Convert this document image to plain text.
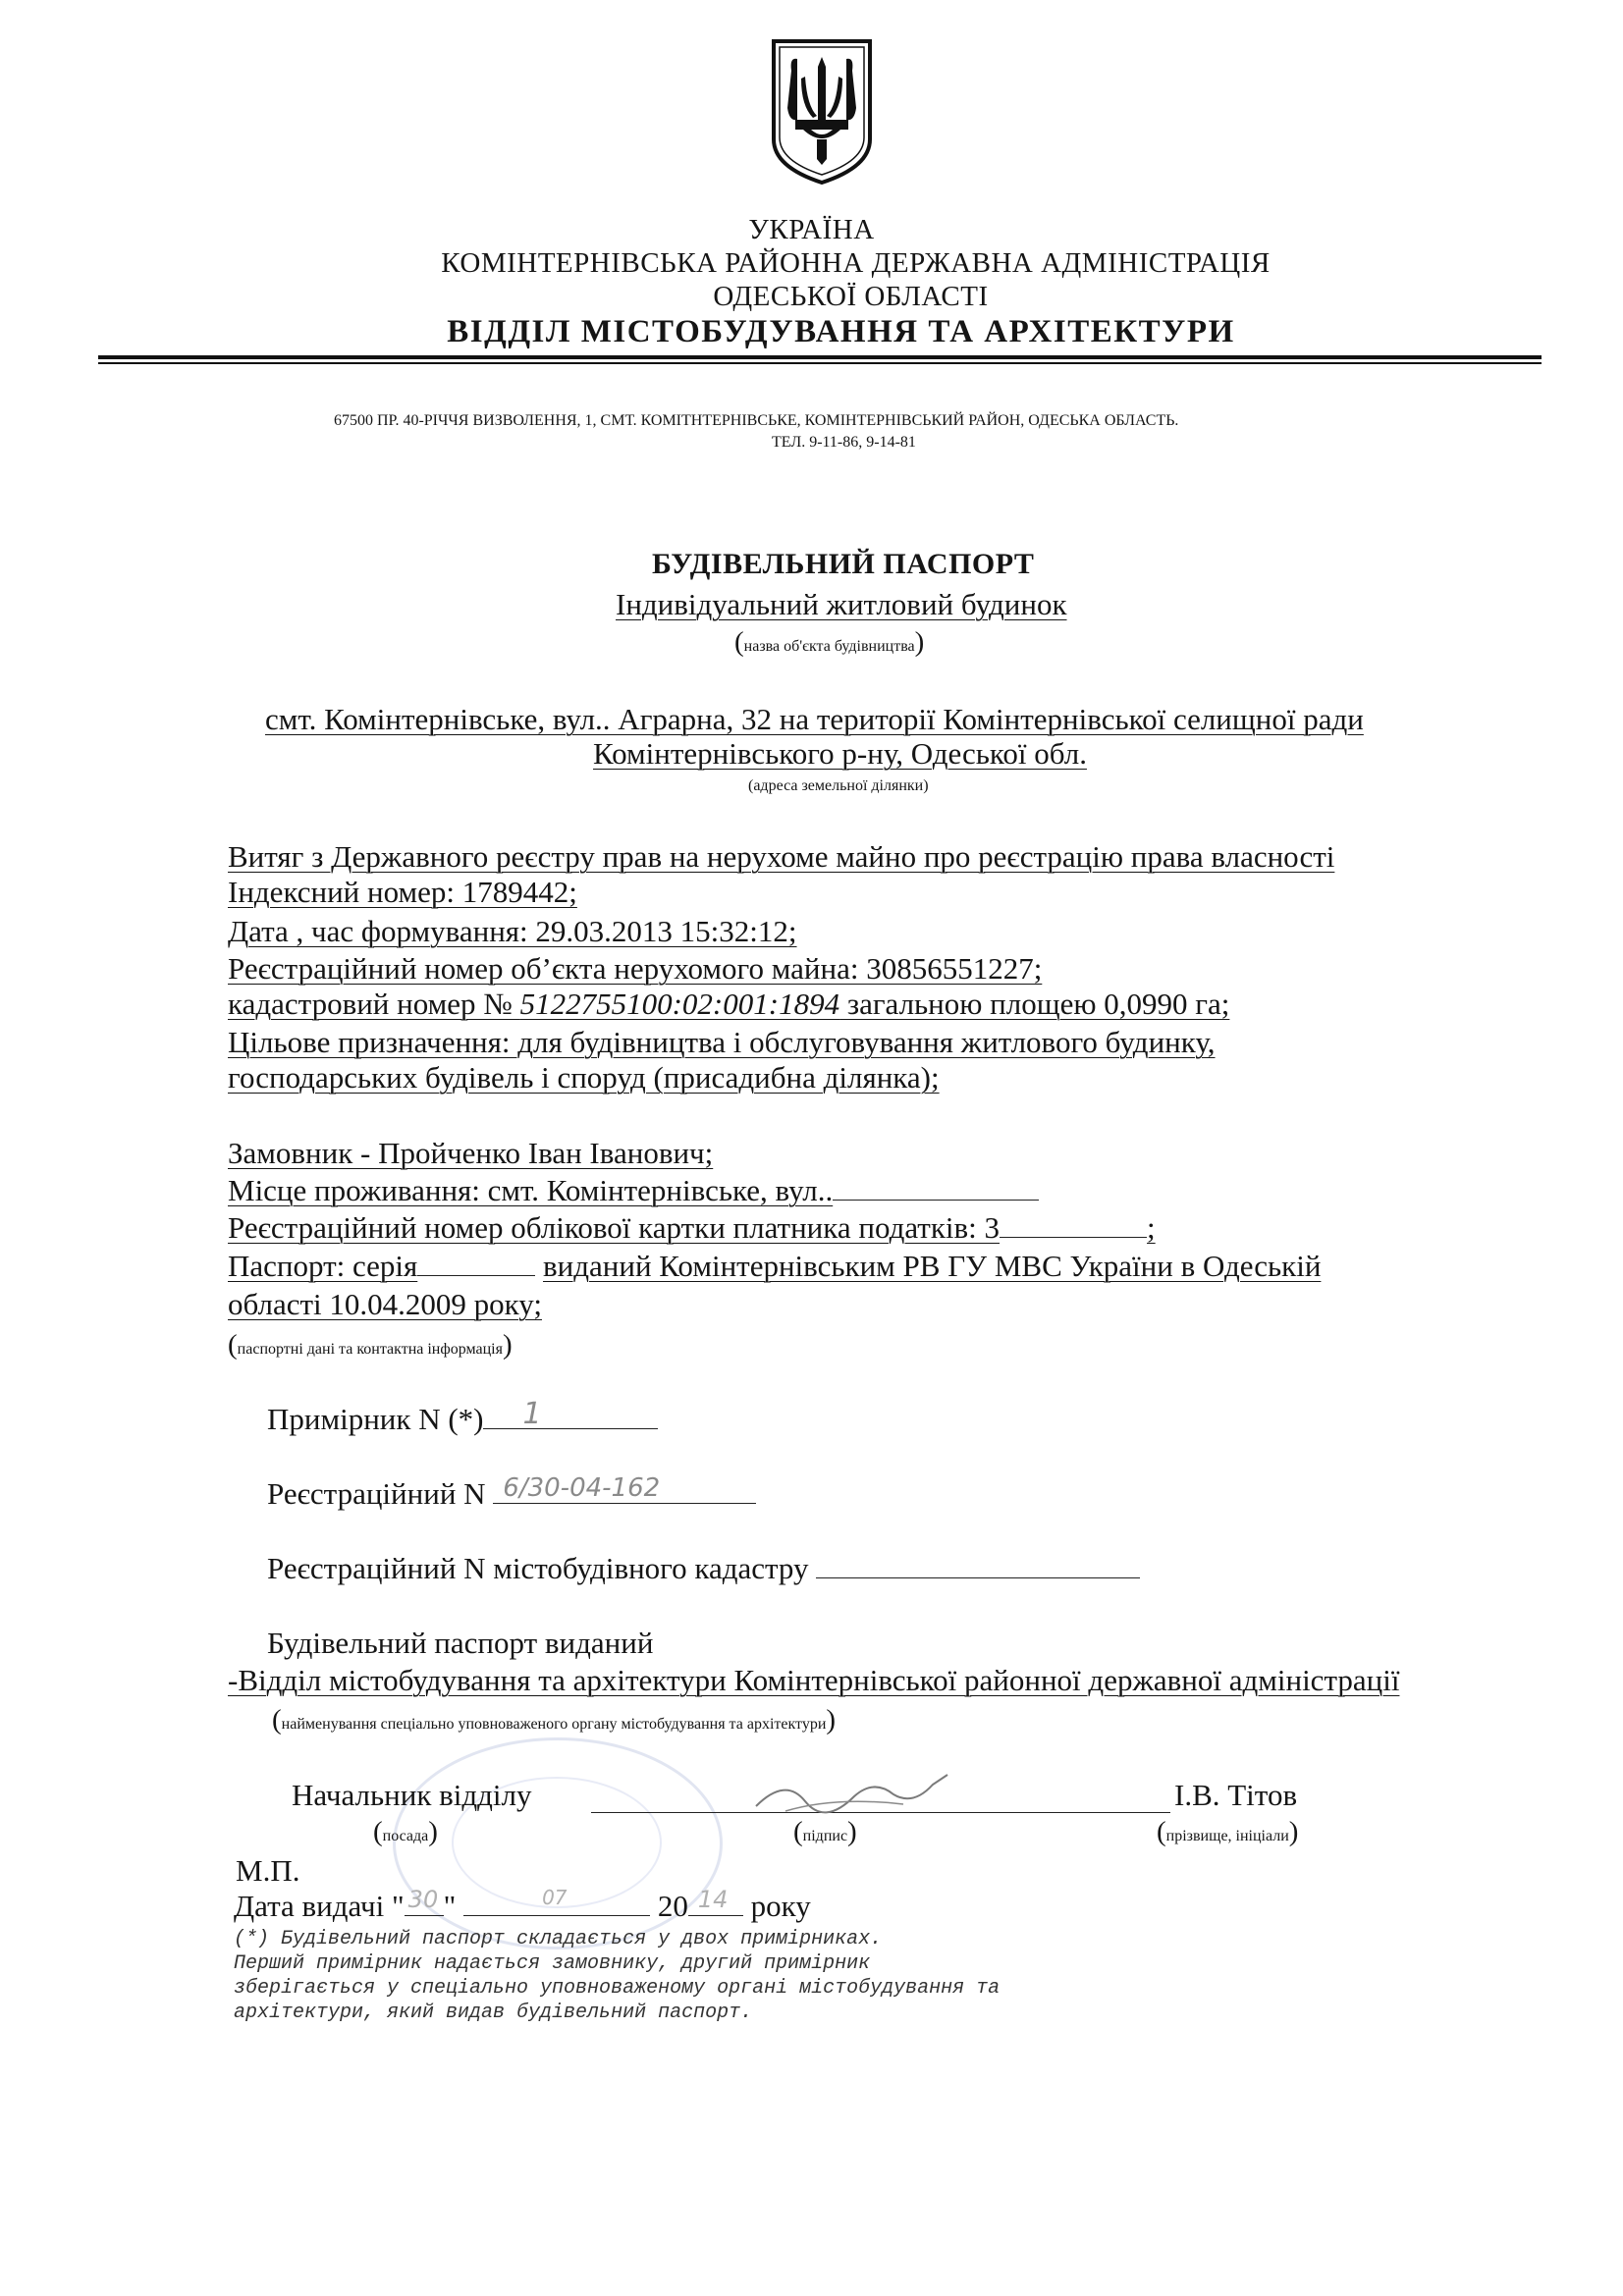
УКРАЇНА
КОМІНТЕРНІВСЬКА РАЙОННА ДЕРЖАВНА АДМІНІСТРАЦІЯ
ОДЕСЬКОЇ ОБЛАСТІ
ВІДДІЛ МІСТОБУДУВАННЯ ТА АРХІТЕКТУРИ
67500 ПР. 40-РІЧЧЯ ВИЗВОЛЕННЯ, 1, СМТ. КОМІТНТЕРНІВСЬКЕ, КОМІНТЕРНІВСЬКИЙ РАЙОН, ОДЕСЬКА ОБЛАСТЬ.
ТЕЛ. 9-11-86, 9-14-81
БУДІВЕЛЬНИЙ ПАСПОРТ
Індивідуальний житловий будинок
(назва об'єкта будівництва)
смт. Комінтернівське, вул.. Аграрна, 32 на території Комінтернівської селищної ради
Комінтернівського р-ну, Одеської обл.
(адреса земельної ділянки)
Витяг з Державного реєстру прав на нерухоме майно про реєстрацію права власності
Індексний номер: 1789442;
Дата , час формування: 29.03.2013 15:32:12;
Реєстраційний номер об’єкта нерухомого майна: 30856551227;
кадастровий номер № 5122755100:02:001:1894 загальною площею 0,0990 га;
Цільове призначення: для будівництва і обслуговування житлового будинку,
господарських будівель і споруд (присадибна ділянка);
Замовник - Пройченко Іван Іванович;
Місце проживання: смт. Комінтернівське, вул..
Реєстраційний номер облікової картки платника податків: 3	;
Паспорт: серія	виданий Комінтернівським РВ ГУ МВС України в Одеській
області 10.04.2009 року;
(паспортні дані та контактна інформація)
Примірник N (*) 1
Реєстраційний N 6/30-04-162
Реєстраційний N містобудівного кадастру
Будівельний паспорт виданий
-Відділ містобудування та архітектури Комінтернівської районної державної адміністрації
(найменування спеціально уповноваженого органу містобудування та архітектури)
Начальник відділу	І.В. Тітов
(посада)	(підпис)	(прізвище, ініціали)
М.П.
Дата видачі " 30 "	07	20 14 року
(*) Будівельний паспорт складається у двох примірниках.
Перший примірник надається замовнику, другий примірник
зберігається у спеціально уповноваженому органі містобудування та
архітектури, який видав будівельний паспорт.
